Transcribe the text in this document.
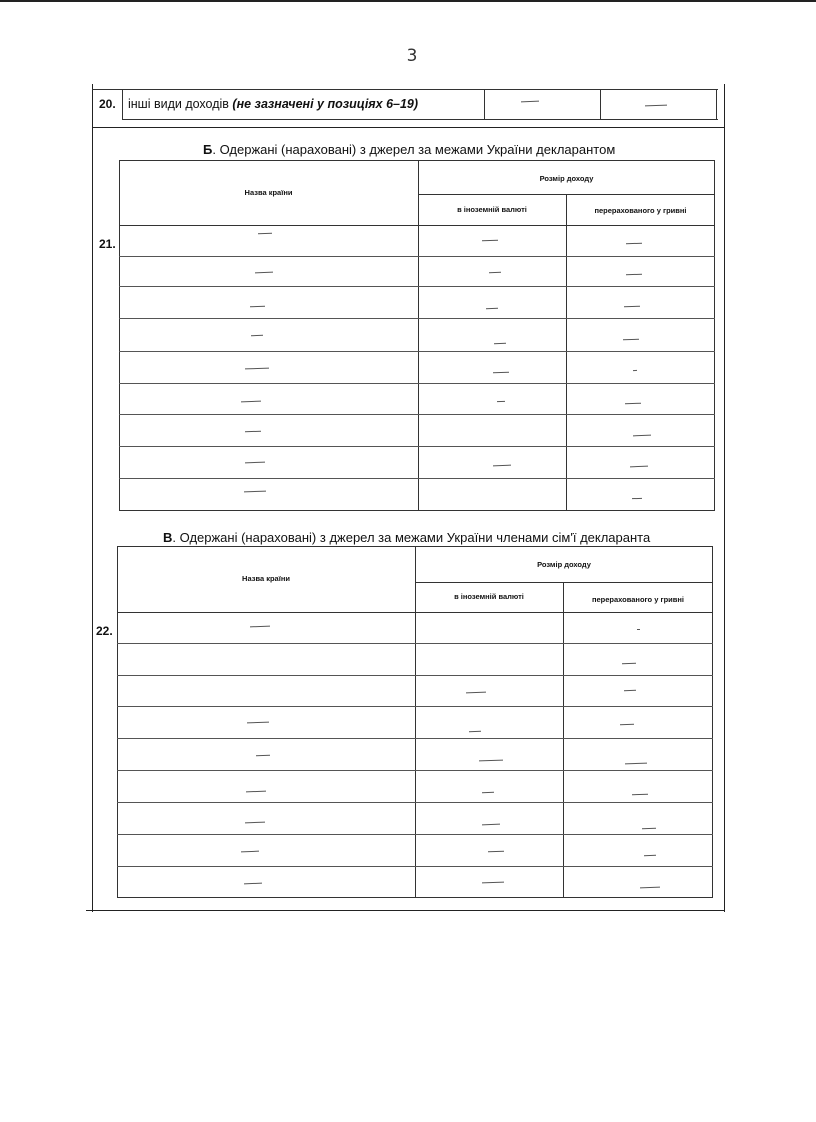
3
20. інші види доходів (не зазначені у позиціях 6–19)
Б. Одержані (нараховані) з джерел за межами України декларантом
Назва країни
Розмір доходу
в іноземній валюті	перерахованого у гривні
21.
В. Одержані (нараховані) з джерел за межами України членами сім'ї декларанта
Назва країни
Розмір доходу
в іноземній валюті	перерахованого у гривні
22.
